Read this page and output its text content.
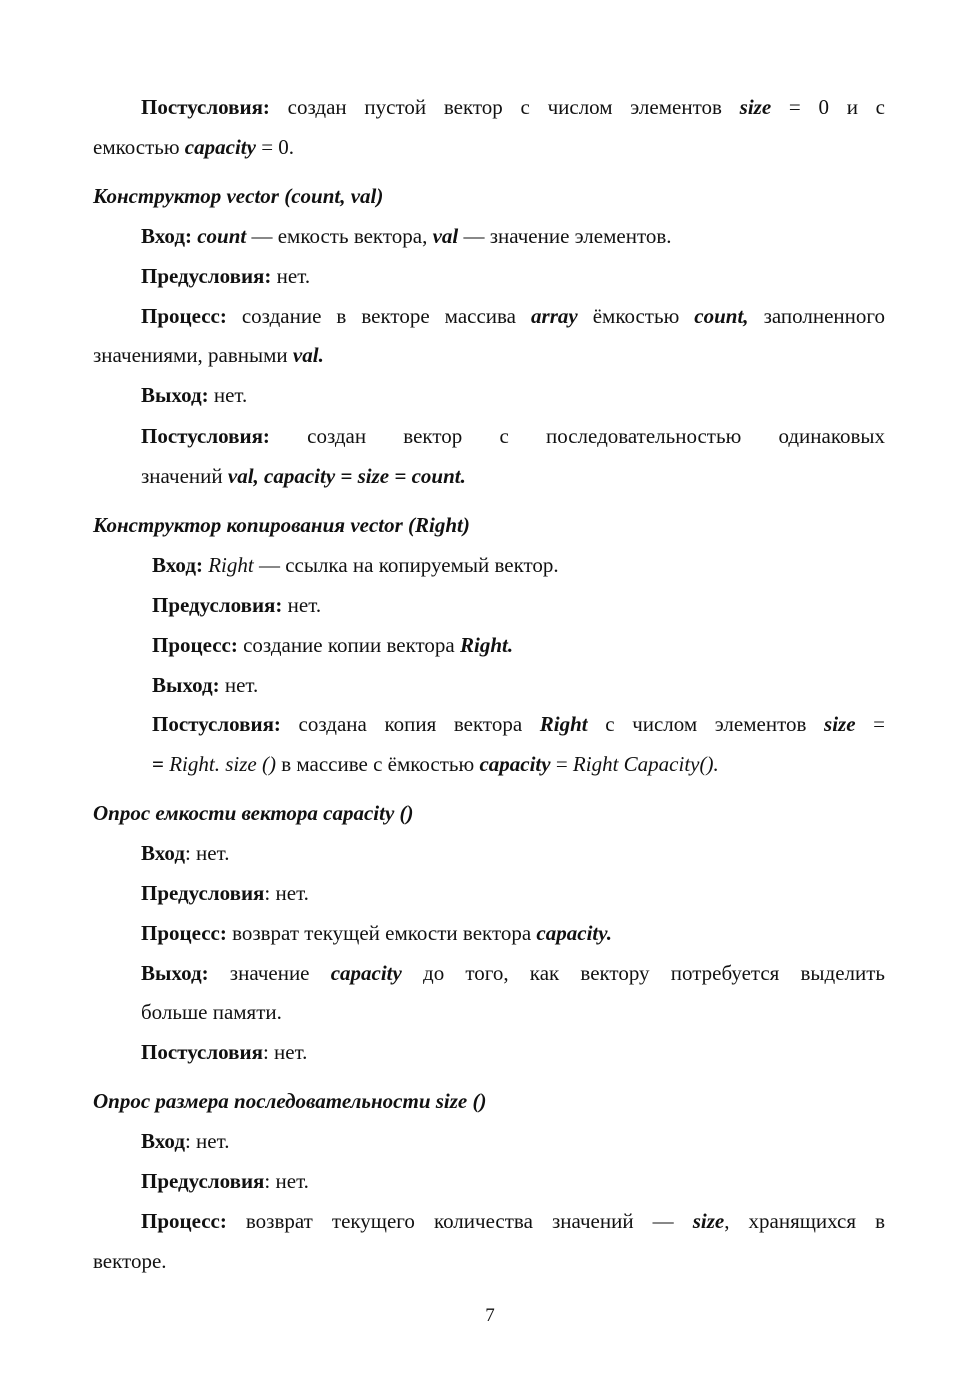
Постусловия: создан пустой вектор с числом элементов size = 0 и с
емкостью capacity = 0.
Конструктор vector (count, val)
Вход: count — емкость вектора, val — значение элементов.
Предусловия: нет.
Процесс: создание в векторе массива array ёмкостью count, заполненного
значениями, равными val.
Выход: нет.
Постусловия: создан вектор с последовательностью одинаковых
значений val, capacity = size = count.
Конструктор копирования vector (Right)
Вход: Right — ссылка на копируемый вектор.
Предусловия: нет.
Процесс: создание копии вектора Right.
Выход: нет.
Постусловия: создана копия вектора Right с числом элементов size =
= Right. size () в массиве с ёмкостью capacity = Right Capacity().
Опрос емкости вектора capacity ()
Вход: нет.
Предусловия: нет.
Процесс: возврат текущей емкости вектора capacity.
Выход: значение capacity до того, как вектору потребуется выделить
больше памяти.
Постусловия: нет.
Опрос размера последовательности size ()
Вход: нет.
Предусловия: нет.
Процесс: возврат текущего количества значений — size, хранящихся в
векторе.
7
